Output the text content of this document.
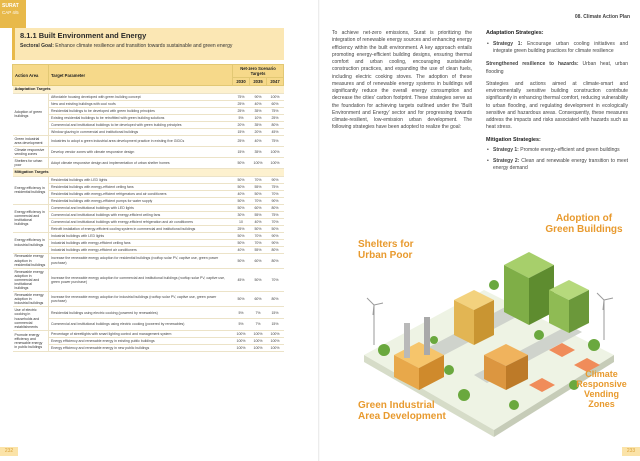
SURAT
CAP 4/5
8.1.1 Built Environment and Energy
Sectoral Goal: Enhance climate resilience and transition towards sustainable and green energy
Action Area	Target Parameter	Net-zero Scenario Targets		
		2030	2035	2047
Adaptation Targets				
Adoption of green buildings	Affordable housing developed with green building concept	75%	90%	100%
	New and existing buildings with cool roofs	25%	40%	60%
	Residential buildings to be developed with green building principles	25%	35%	75%
	Existing residential buildings to be retrofitted with green building solutions	5%	10%	25%
	Commercial and institutional buildings to be developed with green building principles	20%	35%	80%
	Window glazing in commercial and institutional buildings	15%	20%	45%
Green industrial area development	Industries to adopt a green industrial area development practice in existing five GIDCs	25%	40%	75%
Climate responsive vending zones	Develop vendor zones with climate responsive design	15%	35%	100%
Shelters for urban poor	Adopt climate responsive design and implementation of urban shelter homes	50%	100%	100%
Mitigation Targets				
Energy efficiency in residential buildings	Residential buildings with LED lights	50%	70%	90%
	Residential buildings with energy-efficient ceiling fans	50%	55%	75%
	Residential buildings with energy-efficient refrigerators and air conditioners	40%	50%	70%
	Residential buildings with energy-efficient pumps for water supply	50%	70%	90%
Energy efficiency in commercial and institutional buildings	Commercial and institutional buildings with LED lights	50%	60%	80%
	Commercial and institutional buildings with energy-efficient ceiling fans	30%	55%	75%
	Commercial and institutional buildings with energy-efficient refrigeration and air conditioners	10	40%	70%
	Retrofit installation of energy-efficient cooling system in commercial and institutional buildings	25%	50%	50%
Energy efficiency in industrial buildings	Industrial buildings with LED lights	50%	70%	90%
	Industrial buildings with energy-efficient ceiling fans	50%	70%	90%
	Industrial buildings with energy-efficient air conditioners	40%	55%	80%
Renewable energy adoption in residential buildings	Increase the renewable energy adoption for residential buildings (rooftop solar PV, captive use, green power purchase)	50%	60%	80%
Renewable energy adoption in commercial and institutional buildings	Increase the renewable energy adoption for commercial and institutional buildings (rooftop solar PV, captive use, green power purchase)	45%	50%	70%
Renewable energy adoption in industrial buildings	Increase the renewable energy adoption for industrial buildings (rooftop solar PV, captive use, green power purchase)	50%	60%	80%
Use of electric cooking in households and commercial establishments	Residential buildings using electric cooking (powered by renewables)	5%	7%	15%
	Commercial and institutional buildings using electric cooking (powered by renewables)	5%	7%	15%
Promote energy efficiency and renewable energy in public buildings	Percentage of streetlights with smart lighting control and management system	100%	100%	100%
	Energy efficiency and renewable energy in existing public buildings	100%	100%	100%
	Energy efficiency and renewable energy in new public buildings	100%	100%	100%
232
08. Climate Action Plan

To achieve net-zero emissions, Surat is prioritizing the integration of renewable energy sources and enhancing energy efficiency within the built environment. A key approach entails promoting energy-efficient building designs, ensuring thermal comfort and urban cooling, encouraging sustainable construction practices, and expanding the use of clean fuels, including electric cooking stoves. The adoption of these measures and of renewable energy systems in buildings will significantly reduce the overall energy consumption and decrease the cities' carbon footprint. These strategies serve as the foundation for achieving targets outlined under the 'Built Environment and Energy' sector and for progressing towards climate-resilient, low-emission urban development. The following strategies have been adopted to realize the goal:

Adaptation Strategies:
• Strategy 1: Encourage urban cooling initiatives and integrate green building practices for climate resilience

Strengthened resilience to hazards: Urban heat, urban flooding

Strategies and actions aimed at climate-smart and environmentally sensitive building construction contribute significantly in enhancing thermal comfort, reducing vulnerability to urban flooding, and regulating development in ecologically sensitive and hazardous areas. Consequently, these measures address the impacts and risks associated with hazards such as heat stress.

Mitigation Strategies:
• Strategy 1: Promote energy-efficient and green buildings
• Strategy 2: Clean and renewable energy transition to meet energy demand
Adoption of Green Buildings
Shelters for Urban Poor
Climate Responsive Vending Zones
Green Industrial Area Development
233
